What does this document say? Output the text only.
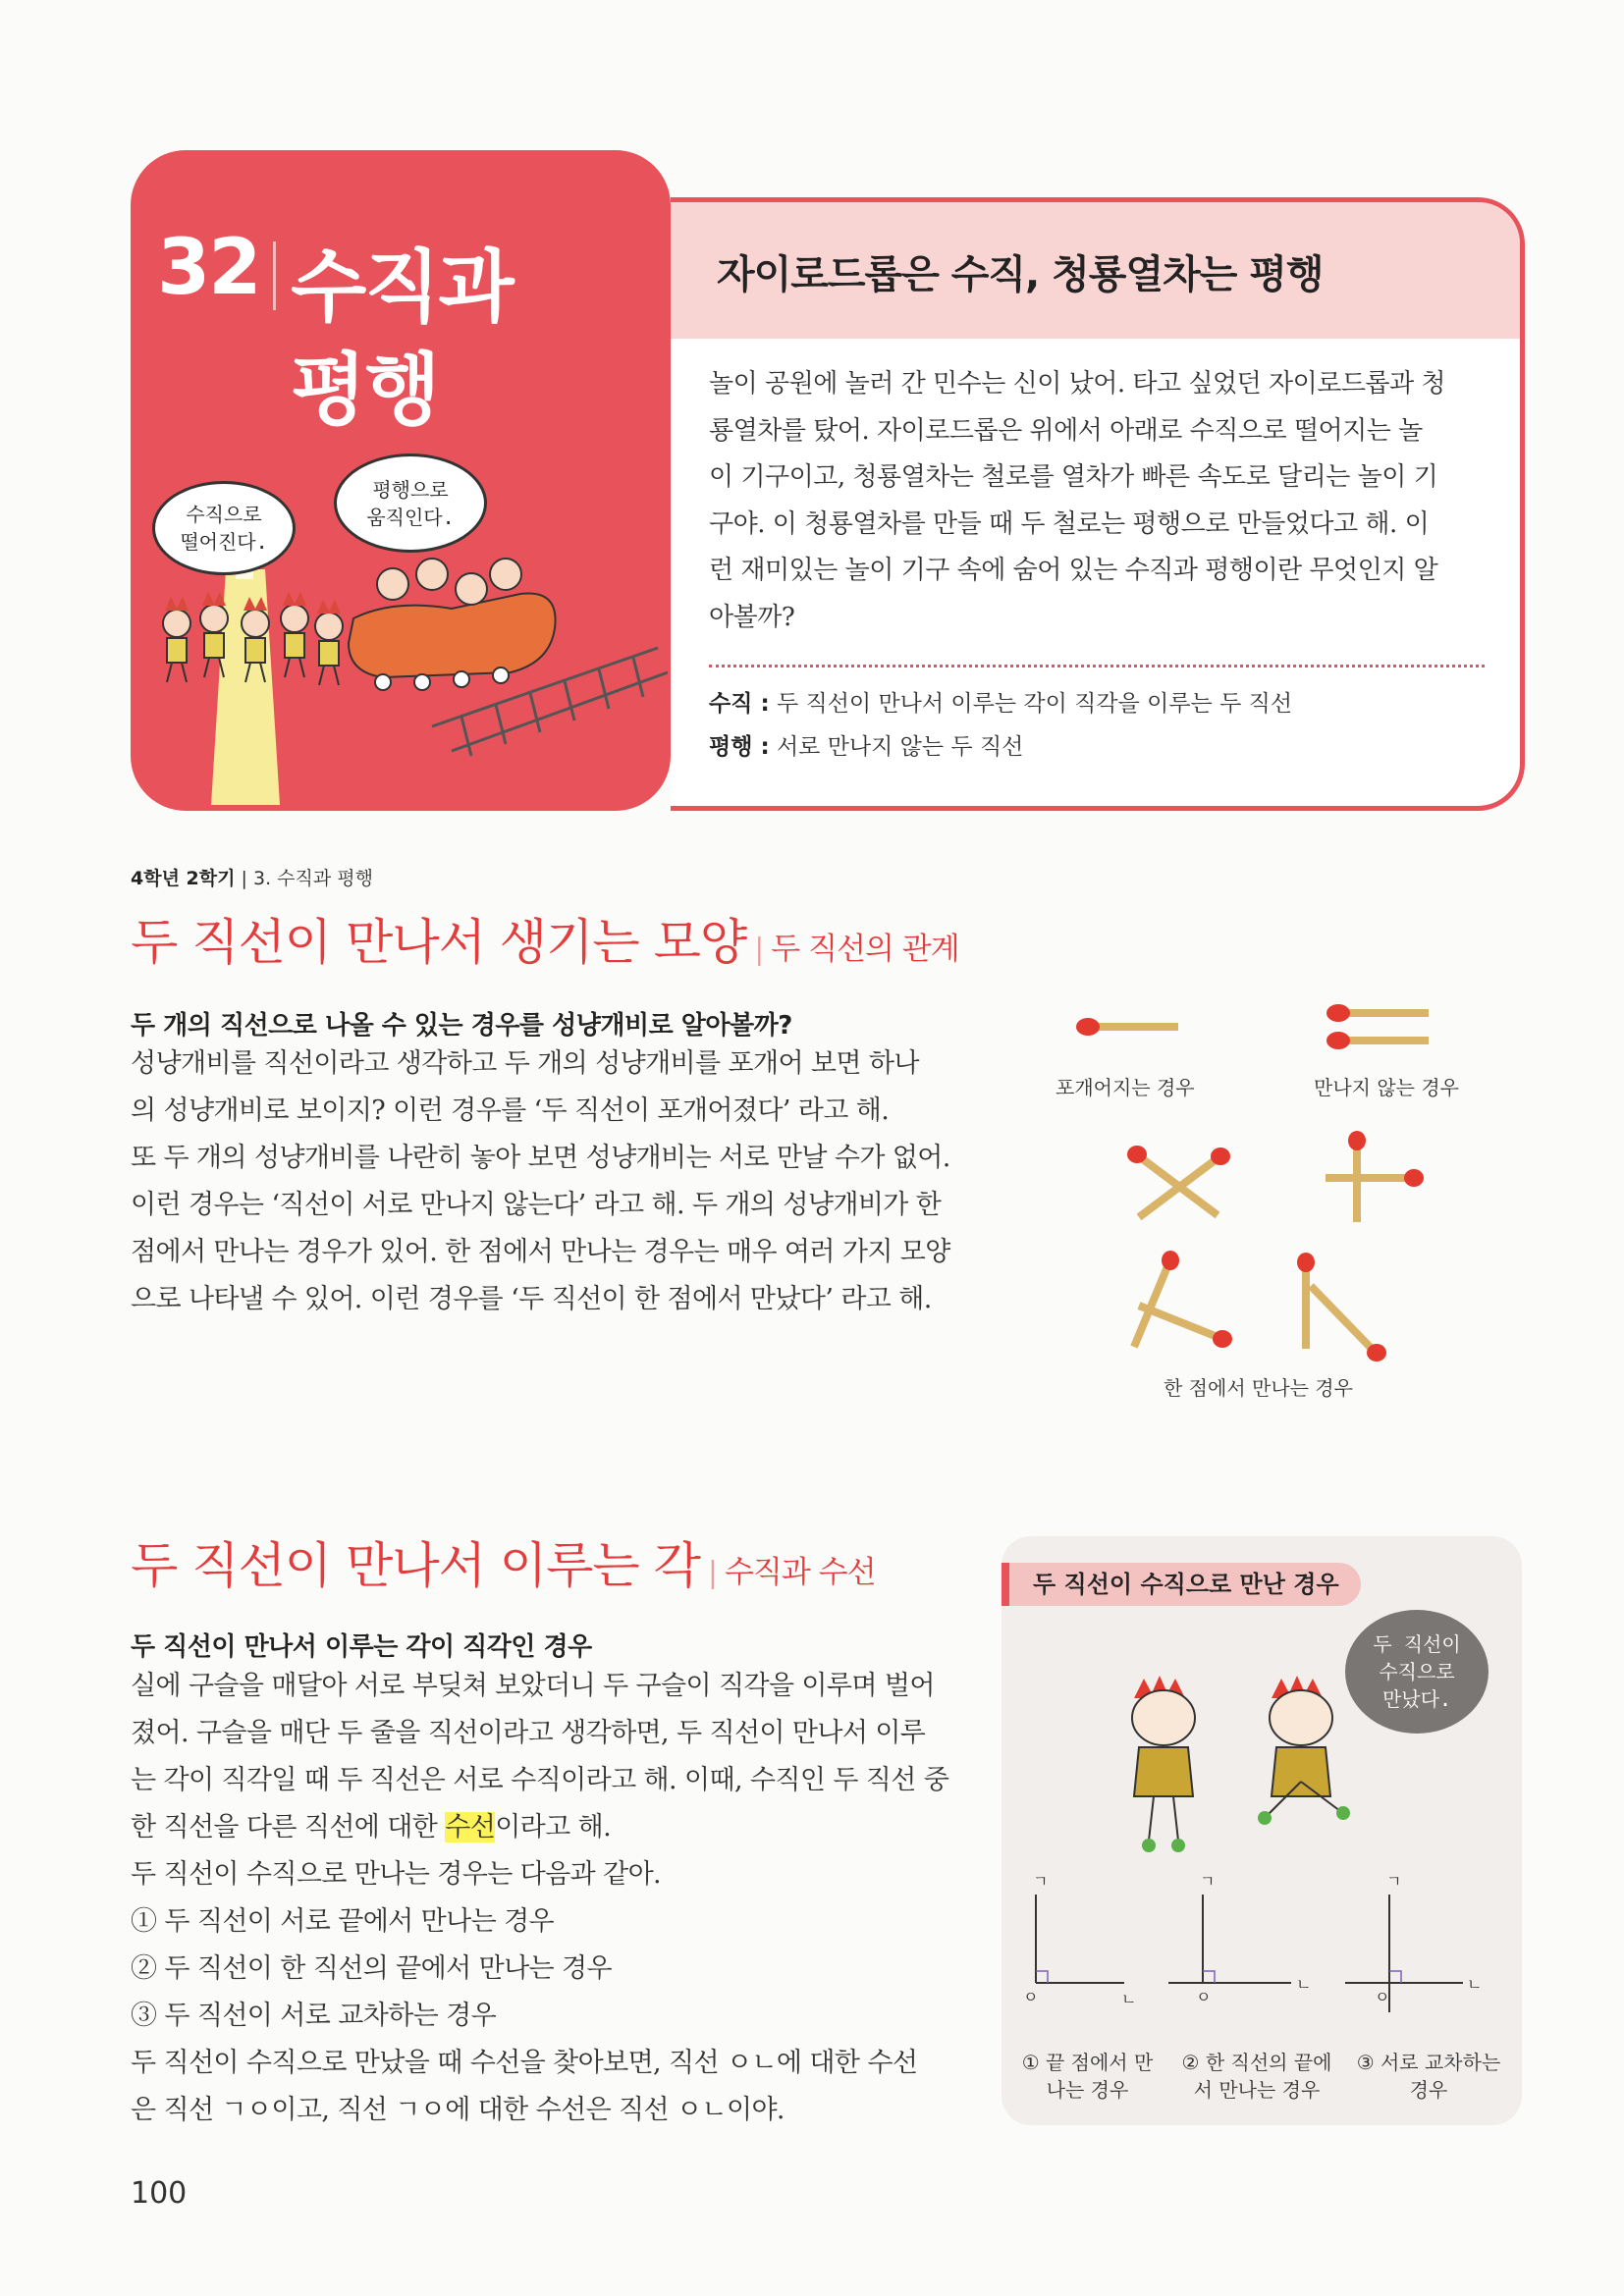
32 수직과
평행
수직으로
떨어진다.
평행으로
움직인다.
자이로드롭은 수직, 청룡열차는 평행
놀이 공원에 놀러 간 민수는 신이 났어. 타고 싶었던 자이로드롭과 청
룡열차를 탔어. 자이로드롭은 위에서 아래로 수직으로 떨어지는 놀
이 기구이고, 청룡열차는 철로를 열차가 빠른 속도로 달리는 놀이 기
구야. 이 청룡열차를 만들 때 두 철로는 평행으로 만들었다고 해. 이
런 재미있는 놀이 기구 속에 숨어 있는 수직과 평행이란 무엇인지 알
아볼까?
수직 : 두 직선이 만나서 이루는 각이 직각을 이루는 두 직선
평행 : 서로 만나지 않는 두 직선
4학년 2학기 | 3. 수직과 평행
두 직선이 만나서 생기는 모양 | 두 직선의 관계
두 개의 직선으로 나올 수 있는 경우를 성냥개비로 알아볼까?
성냥개비를 직선이라고 생각하고 두 개의 성냥개비를 포개어 보면 하나
의 성냥개비로 보이지? 이런 경우를 ‘두 직선이 포개어졌다’ 라고 해.
또 두 개의 성냥개비를 나란히 놓아 보면 성냥개비는 서로 만날 수가 없어.
이런 경우는 ‘직선이 서로 만나지 않는다’ 라고 해. 두 개의 성냥개비가 한
점에서 만나는 경우가 있어. 한 점에서 만나는 경우는 매우 여러 가지 모양
으로 나타낼 수 있어. 이런 경우를 ‘두 직선이 한 점에서 만났다’ 라고 해.
포개어지는 경우	만나지 않는 경우
한 점에서 만나는 경우
두 직선이 만나서 이루는 각 | 수직과 수선
두 직선이 만나서 이루는 각이 직각인 경우
실에 구슬을 매달아 서로 부딪쳐 보았더니 두 구슬이 직각을 이루며 벌어
졌어. 구슬을 매단 두 줄을 직선이라고 생각하면, 두 직선이 만나서 이루
는 각이 직각일 때 두 직선은 서로 수직이라고 해. 이때, 수직인 두 직선 중
한 직선을 다른 직선에 대한 수선이라고 해.
두 직선이 수직으로 만나는 경우는 다음과 같아.
① 두 직선이 서로 끝에서 만나는 경우
② 두 직선이 한 직선의 끝에서 만나는 경우
③ 두 직선이 서로 교차하는 경우
두 직선이 수직으로 만났을 때 수선을 찾아보면, 직선 ㅇㄴ에 대한 수선
은 직선 ㄱㅇ이고, 직선 ㄱㅇ에 대한 수선은 직선 ㅇㄴ이야.
두 직선이 수직으로 만난 경우
두 직선이
수직으로
만났다.
ㄱ
ㅇ	ㄴ
ㄱ
ㅇ
ㄴ
ㄱ
ㅇ
ㄴ
① 끝 점에서 만
나는 경우
② 한 직선의 끝에
서 만나는 경우
③ 서로 교차하는
경우
100
